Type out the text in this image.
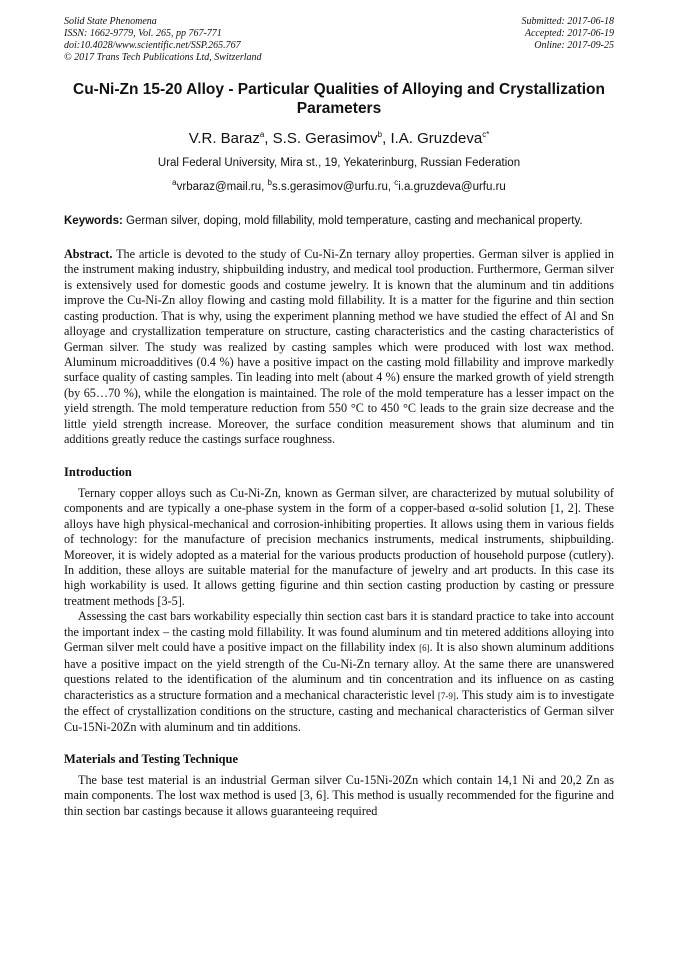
Solid State Phenomena
ISSN: 1662-9779, Vol. 265, pp 767-771
doi:10.4028/www.scientific.net/SSP.265.767
© 2017 Trans Tech Publications Ltd, Switzerland
Submitted: 2017-06-18
Accepted: 2017-06-19
Online: 2017-09-25
Cu-Ni-Zn 15-20 Alloy - Particular Qualities of Alloying and Crystallization Parameters
V.R. Baraz$^a$, S.S. Gerasimov$^b$, I.A. Gruzdeva$^{c*}$
Ural Federal University, Mira st., 19, Yekaterinburg, Russian Federation
$^a$vrbaraz@mail.ru, $^b$s.s.gerasimov@urfu.ru, $^c$i.a.gruzdeva@urfu.ru
Keywords: German silver, doping, mold fillability, mold temperature, casting and mechanical property.
Abstract. The article is devoted to the study of Cu-Ni-Zn ternary alloy properties. German silver is applied in the instrument making industry, shipbuilding industry, and medical tool production. Furthermore, German silver is extensively used for domestic goods and costume jewelry. It is known that the aluminum and tin additions improve the Cu-Ni-Zn alloy flowing and casting mold fillability. It is a matter for the figurine and thin section casting production. That is why, using the experiment planning method we have studied the effect of Al and Sn alloyage and crystallization temperature on structure, casting characteristics and the casting characteristics of German silver. The study was realized by casting samples which were produced with lost wax method. Aluminum microadditives (0.4 %) have a positive impact on the casting mold fillability and improve markedly surface quality of casting samples. Tin leading into melt (about 4 %) ensure the marked growth of yield strength (by 65…70 %), while the elongation is maintained. The role of the mold temperature has a lesser impact on the yield strength. The mold temperature reduction from 550 °C to 450 °C leads to the grain size decrease and the little yield strength increase. Moreover, the surface condition measurement shows that aluminum and tin additions greatly reduce the castings surface roughness.
Introduction

Ternary copper alloys such as Cu-Ni-Zn, known as German silver, are characterized by mutual solubility of components and are typically a one-phase system in the form of a copper-based α-solid solution [1, 2]. These alloys have high physical-mechanical and corrosion-inhibiting properties. It allows using them in various fields of technology: for the manufacture of precision mechanics instruments, medical instruments, shipbuilding. Moreover, it is widely adopted as a material for the various products production of household purpose (cutlery). In addition, these alloys are suitable material for the manufacture of jewelry and art products. In this case its high workability is used. It allows getting figurine and thin section casting production by casting or pressure treatment methods [3-5].

Assessing the cast bars workability especially thin section cast bars it is standard practice to take into account the important index – the casting mold fillability. It was found aluminum and tin metered additions alloying into German silver melt could have a positive impact on the fillability index [6]. It is also shown aluminum additions have a positive impact on the yield strength of the Cu-Ni-Zn ternary alloy. At the same there are unanswered questions related to the identification of the aluminum and tin concentration and its influence on as casting characteristics as a structure formation and a mechanical characteristic level [7-9]. This study aim is to investigate the effect of crystallization conditions on the structure, casting and mechanical characteristics of German silver Cu-15Ni-20Zn with aluminum and tin additions.

Materials and Testing Technique

The base test material is an industrial German silver Cu-15Ni-20Zn which contain 14,1 Ni and 20,2 Zn as main components. The lost wax method is used [3, 6]. This method is usually recommended for the figurine and thin section bar castings because it allows guaranteeing required
